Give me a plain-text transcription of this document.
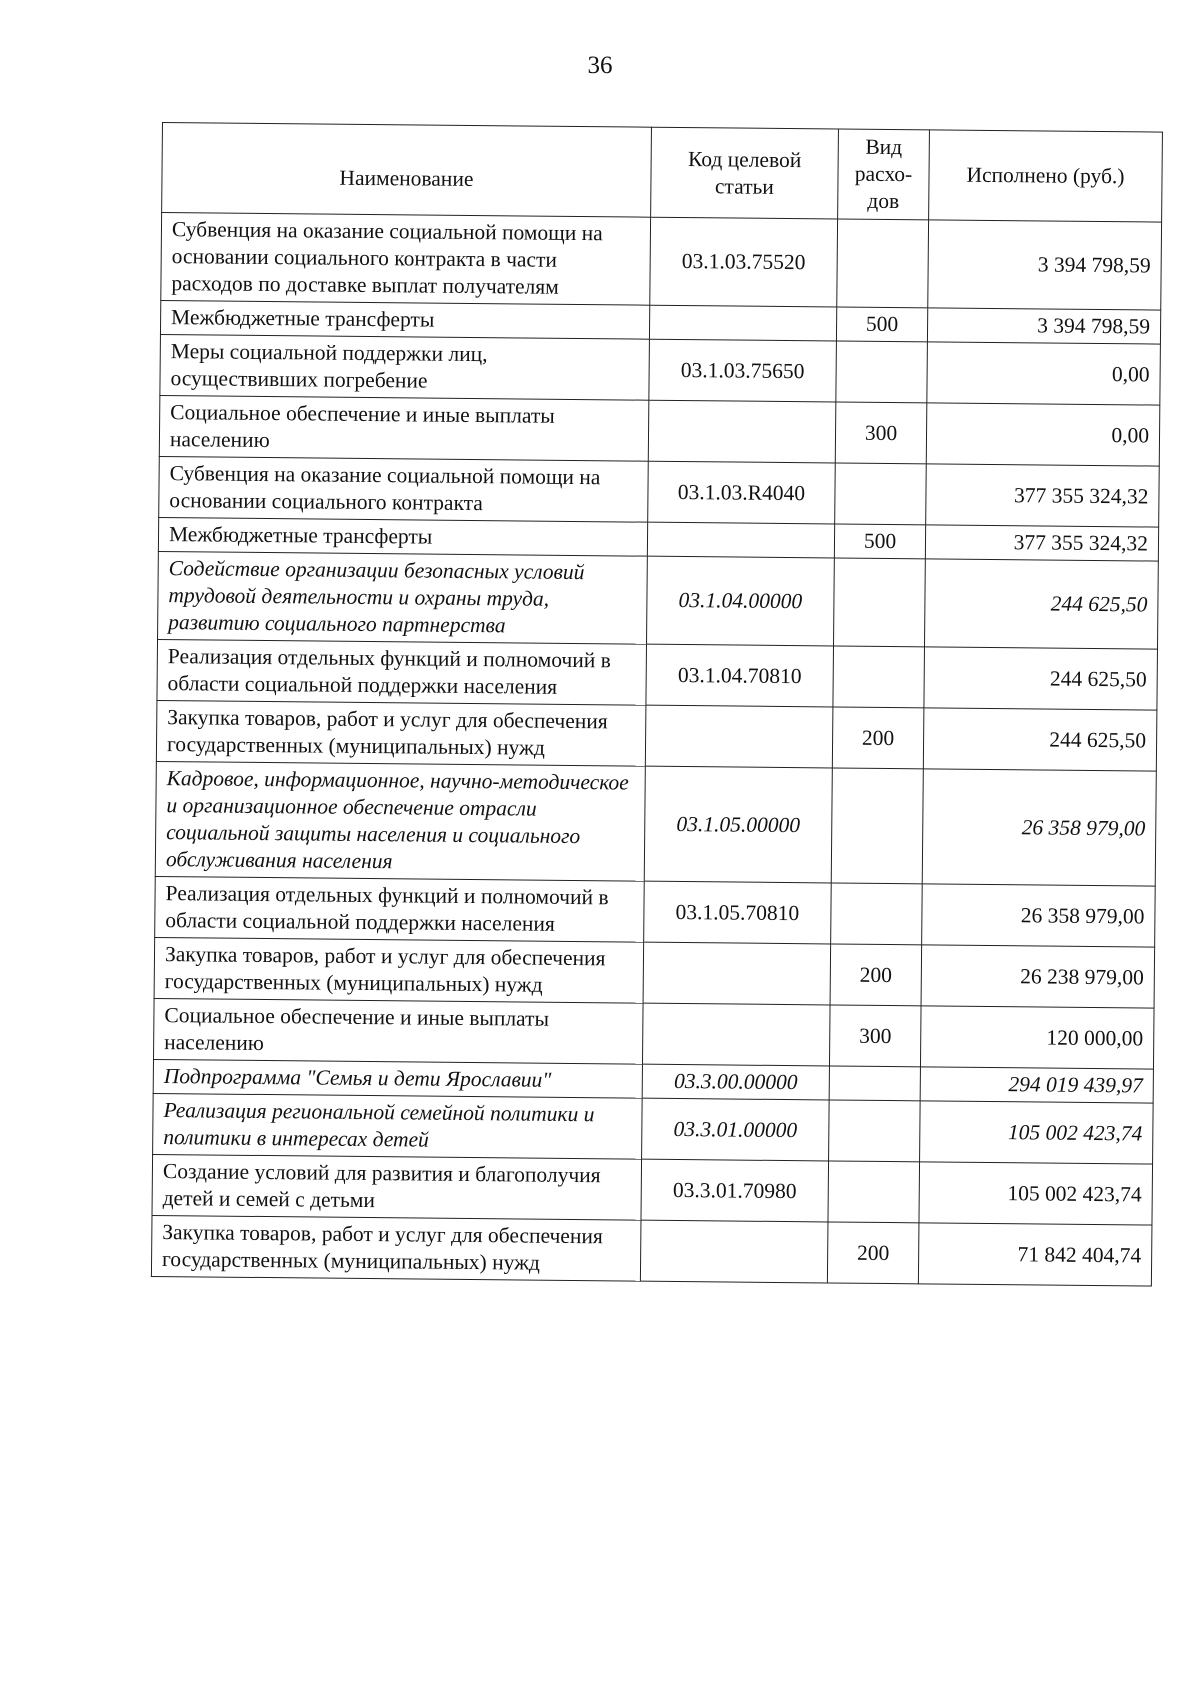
36
Наименование	Код целевой статьи	Вид расхо- дов	Исполнено (руб.)
Субвенция на оказание социальной помощи на основании социального контракта в части расходов по доставке выплат получателям	03.1.03.75520		3 394 798,59
Межбюджетные трансферты		500	3 394 798,59
Меры социальной поддержки лиц, осуществивших погребение	03.1.03.75650		0,00
Социальное обеспечение и иные выплаты населению		300	0,00
Субвенция на оказание социальной помощи на основании социального контракта	03.1.03.R4040		377 355 324,32
Межбюджетные трансферты		500	377 355 324,32
Содействие организации безопасных условий трудовой деятельности и охраны труда, развитию социального партнерства	03.1.04.00000		244 625,50
Реализация отдельных функций и полномочий в области социальной поддержки населения	03.1.04.70810		244 625,50
Закупка товаров, работ и услуг для обеспечения государственных (муниципальных) нужд		200	244 625,50
Кадровое, информационное, научно-методическое и организационное обеспечение отрасли социальной защиты населения и социального обслуживания населения	03.1.05.00000		26 358 979,00
Реализация отдельных функций и полномочий в области социальной поддержки населения	03.1.05.70810		26 358 979,00
Закупка товаров, работ и услуг для обеспечения государственных (муниципальных) нужд		200	26 238 979,00
Социальное обеспечение и иные выплаты населению		300	120 000,00
Подпрограмма "Семья и дети Ярославии"	03.3.00.00000		294 019 439,97
Реализация региональной семейной политики и политики в интересах детей	03.3.01.00000		105 002 423,74
Создание условий для развития и благополучия детей и семей с детьми	03.3.01.70980		105 002 423,74
Закупка товаров, работ и услуг для обеспечения государственных (муниципальных) нужд		200	71 842 404,74
